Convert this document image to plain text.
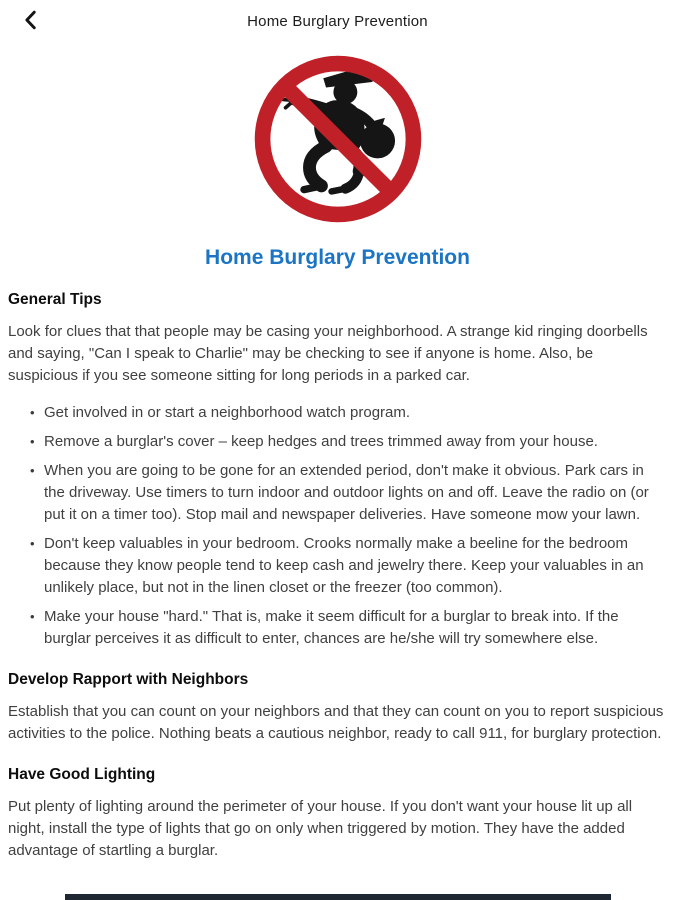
Home Burglary Prevention
Home Burglary Prevention
General Tips

Look for clues that that people may be casing your neighborhood. A strange kid ringing doorbells and saying, "Can I speak to Charlie" may be checking to see if anyone is home. Also, be suspicious if you see someone sitting for long periods in a parked car.

• Get involved in or start a neighborhood watch program.
• Remove a burglar's cover – keep hedges and trees trimmed away from your house.
• When you are going to be gone for an extended period, don't make it obvious. Park cars in the driveway. Use timers to turn indoor and outdoor lights on and off. Leave the radio on (or put it on a timer too). Stop mail and newspaper deliveries. Have someone mow your lawn.
• Don't keep valuables in your bedroom. Crooks normally make a beeline for the bedroom because they know people tend to keep cash and jewelry there. Keep your valuables in an unlikely place, but not in the linen closet or the freezer (too common).
• Make your house "hard." That is, make it seem difficult for a burglar to break into. If the burglar perceives it as difficult to enter, chances are he/she will try somewhere else.
Develop Rapport with Neighbors

Establish that you can count on your neighbors and that they can count on you to report suspicious activities to the police. Nothing beats a cautious neighbor, ready to call 911, for burglary protection.

Have Good Lighting

Put plenty of lighting around the perimeter of your house. If you don't want your house lit up all night, install the type of lights that go on only when triggered by motion. They have the added advantage of startling a burglar.
